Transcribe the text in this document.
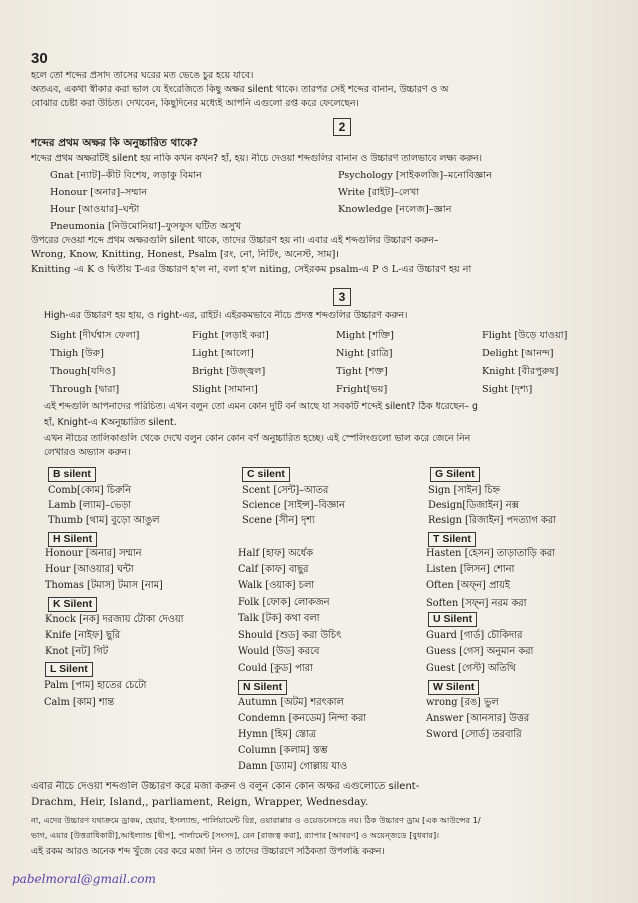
30
হলে তো শব্দের প্রসাদ তাসের ঘরের মত ভেঙে চুর হয়ে যাবে।
অতএব, একথা স্বীকার করা ভাল যে ইংরেজিতে কিছু অক্ষর silent থাকে। তারপর সেই শব্দের বানান, উচ্চারণ ও অ
বোঝার চেষ্টা করা উচিত। দেখবেন, কিছুদিনের মধ্যেই আপনি এগুলো রপ্ত করে ফেলেছেন।
2
শব্দের প্রথম অক্ষর কি অনুচ্চারিত থাকে?
শব্দের প্রথম অক্ষরটিই silent হয় নাকি কখন কখন? হাঁ, হয়। নীচে দেওয়া শব্দগুলির বানান ও উচ্চারণ তালভাবে লক্ষ্য করুন।
Gnat [ন্যাট]–কীট বিশেষ, লড়াকু বিমান	Psychology [সাইকলজি]–মনোবিজ্ঞান
Honour [অনার]–সম্মান	Write [রাইট]–লেখা
Hour [আওয়ার]–ঘন্টা	Knowledge [নলেজ]–জ্ঞান
Pneumonia [নিউমোনিয়া]–ফুসফুস ঘটিত অসুখ
উপরের দেওয়া শব্দে প্রথম অক্ষরগুলি silent থাকে, তাদের উচ্চারণ হয় না। এবার এই শব্দগুলির উচ্চারণ করুন–
Wrong, Know, Knitting, Honest, Psalm [রং, নো, নিটিং, অনেস্ট, সাম]।
Knitting -এ K ও দ্বিতীয় T-এর উচ্চারণ হ'ল না, বলা হ'ল niting, সেইরকম psalm-এ P ও L-এর উচ্চারণ হয় না
3
High-এর উচ্চারণ হয় হায়, ও right-এর, রাইট। এইরকমভাবে নীচে প্রদত্ত শব্দগুলির উচ্চারণ করুন।
Sight [দীর্ঘশ্বাস ফেলা]	Fight [লড়াই করা]	Might [শক্তি]	Flight [উড়ে যাওয়া]
Thigh [উরু]	Light [আলো]	Night [রাত্রি]	Delight [আনন্দ]
Though[যদিও]	Bright [উজ্জ্বল]	Tight [শক্ত]	Knight [বীরপুরুষ]
Through [দ্বারা]	Slight [সামান্য]	Fright[ভয়]	Sight [দৃশ্য]
এই শব্দগুলি আপনাদের পরিচিত। এখন বলুন তো এমন কোন দুটি বর্ন আছে যা সবকটি শব্দেই silent? ঠিক ধরেছেন– g
হাঁ, Knight-এ Kঅনুচ্চারিত silent.
এখন নীচের তালিকাগুলি থেকে দেখে বলুন কোন কোন বর্ণ অনুচ্চারিত হচ্ছে। এই স্পেলিংগুলো ভাল করে জেনে নিন
লেখারও অভ্যাস করুন।
B silent
Comb[কোম] চিরুনি
Lamb [ল্যাম]–ভেড়া
Thumb [থাম] বুড়ো আঙুল
C silent
Scent [সেন্ট]–আতর
Science [সাইন্স]–বিজ্ঞান
Scene [সীন] দৃশ্য
G Silent
Sign [সাইন] চিহ্ন
Design[ডিজাইন] নক্স
Resign [রিজাইন] পদত্যাগ করা
H Silent
Honour [অনার] সম্মান
Hour [আওয়ার] ঘন্টা
Thomas [টমাস] টমাস [নাম]
Half [হাফ] অর্ধেক
Calf [কাফ] বাছুর
Walk [ওয়াক] চলা
Folk [ফোক] লোকজন
Talk [টক] কথা বলা
Should [শুড] করা উচিৎ
Would [উড] করবে
Could [কুড] পারা
T Silent
Hasten [হেসন] তাড়াতাড়ি করা
Listen [লিসন] শোনা
Often [অফ্‌ন] প্রায়ই
Soften [সফ্‌ন] নরম করা
K Silent
Knock [নক] দরজায় টোকা দেওয়া
Knife [নাইফ] ছুরি
Knot [নট] গিট
U Silent
Guard [গার্ড] চৌকিদার
Guess [গেস] অনুমান করা
Guest [গেস্ট] অতিথি
L Silent
Palm [পাম] হাতের চেটো
Calm [কাম] শান্ত
N Silent
Autumn [অটম] শরৎকাল
Condemn [কনডেম] নিন্দা করা
Hymn [হিম] স্তোত্র
Column [কলাম] স্তম্ভ
Damn [ড্যাম] গোল্লায় যাও
W Silent
wrong [রঙ] ভুল
Answer [আনসার] উত্তর
Sword [সোর্ড] তরবারি
এবার নীচে দেওয়া শব্দগুলি উচ্চারণ করে মজা করুন ও বলুন কোন কোন অক্ষর এগুলোতে silent-
Drachm, Heir, Island,, parliament, Reign, Wrapper, Wednesday.
না, এদের উচ্চারণ যথাক্রমে ড্রাকম, হেয়ার, ইসল্যান্ড, পার্লিয়ামেন্ট রিগ্ন, ওয়ারাপ্পার ও ওয়েডনেসডে নয়। ঠিক উচ্চারণ ড্রাম [এক আউন্সের 1/
ভাগ, এয়ার [উত্তরাধিকারী],আইল্যান্ড [দ্বীপ], পার্লামেন্ট [সংসদ], রেন [রাজত্ব করা], র‍্যাপার [আবরণ] ও অয়েন্জডে [বুধবার]।
এই রকম আরও অনেক শব্দ খুঁজে বের করে মজা নিন ও তাদের উচ্চারণে সঠিকতা উপলব্ধি করুন।
pabelmoral@gmail.com
